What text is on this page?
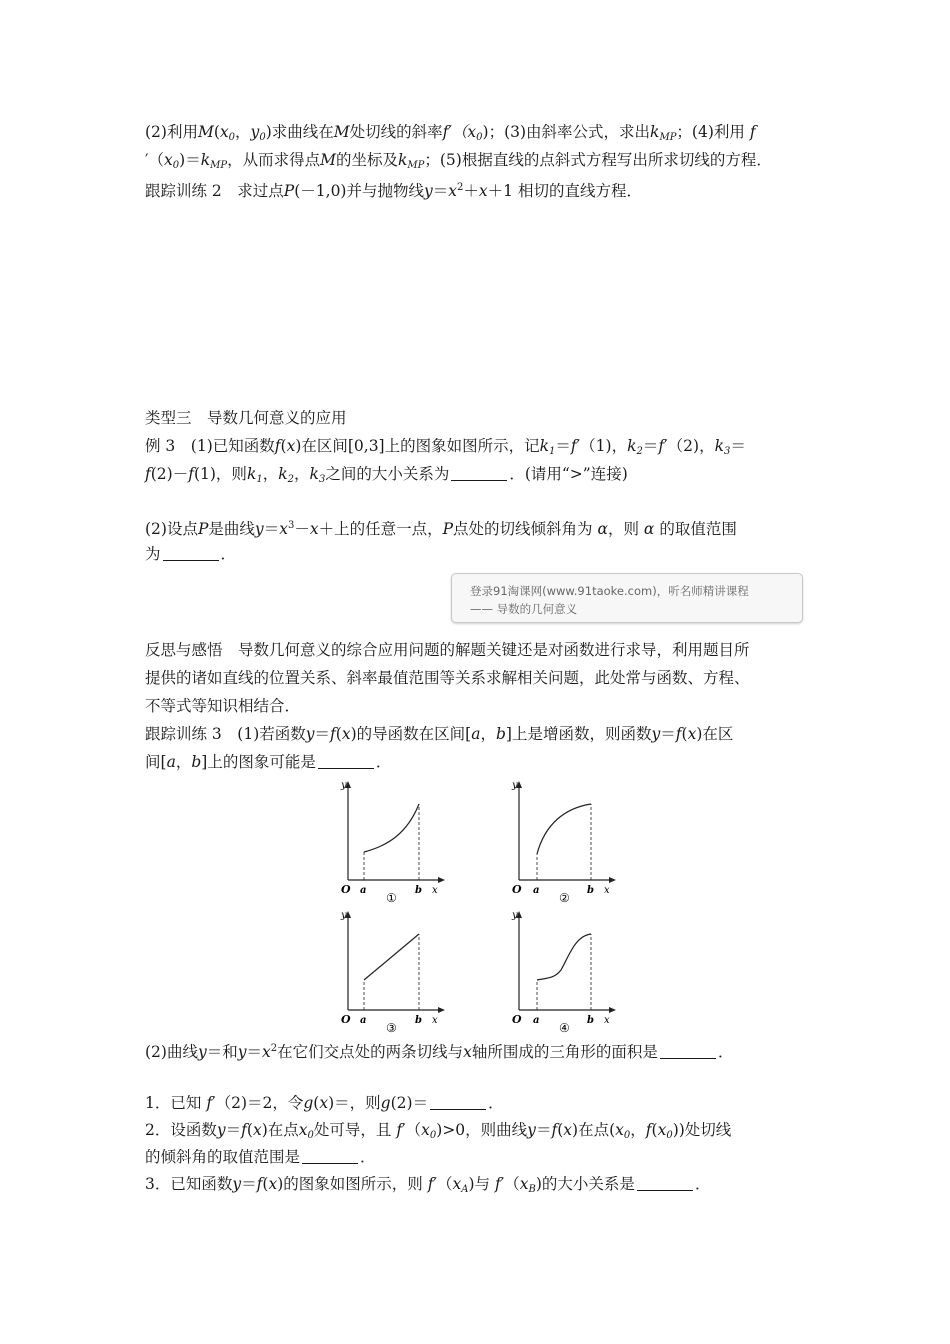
(2)利用$M(x_0$，$y_0$)求曲线在M处切线的斜率$f'(x_0)$；(3)由斜率公式，求出$k_{MP}$；(4)利用 f
$'(x_0)=k_{MP}$，从而求得点M的坐标及$k_{MP}$；(5)根据直线的点斜式方程写出所求切线的方程．
跟踪训练 2　求过点P(－1,0)并与抛物线$y=x^2+x+1$ 相切的直线方程．
类型三　导数几何意义的应用
例 3　(1)已知函数f(x)在区间[0,3]上的图象如图所示，记$k_1=f'(1)$，$k_2=f'(2)$，$k_3=$
f(2)－f(1)，则$k_1$，$k_2$，$k_3$之间的大小关系为	．(请用“>”连接)
(2)设点P是曲线$y=x^3-x+$上的任意一点，P点处的切线倾斜角为 α，则 α 的取值范围
为	．
登录91淘课网(www.91taoke.com)，听名师精讲课程
—— 导数的几何意义
反思与感悟　导数几何意义的综合应用问题的解题关键还是对函数进行求导，利用题目所
提供的诸如直线的位置关系、斜率最值范围等关系求解相关问题，此处常与函数、方程、
不等式等知识相结合．
跟踪训练 3　(1)若函数y＝f(x)的导函数在区间[a，b]上是增函数，则函数y＝f(x)在区
间[a，b]上的图象可能是	．
y
x
O a	b
①
y
x
O a	b
②
y
x
O a	b
③
y
x
O a	b
④
(2)曲线y＝和$y=x^2$在它们交点处的两条切线与x轴所围成的三角形的面积是	．
1．已知 f′（2)＝2，令g(x)＝，则g(2)＝	．
2．设函数y＝f(x)在点$x_0$处可导，且 $f'(x_0)>0$，则曲线y＝f(x)在点($x_0$，$f(x_0)$)处切线
的倾斜角的取值范围是	．
3．已知函数y＝f(x)的图象如图所示，则 $f'(x_A)$与 $f'(x_B)$的大小关系是	．
